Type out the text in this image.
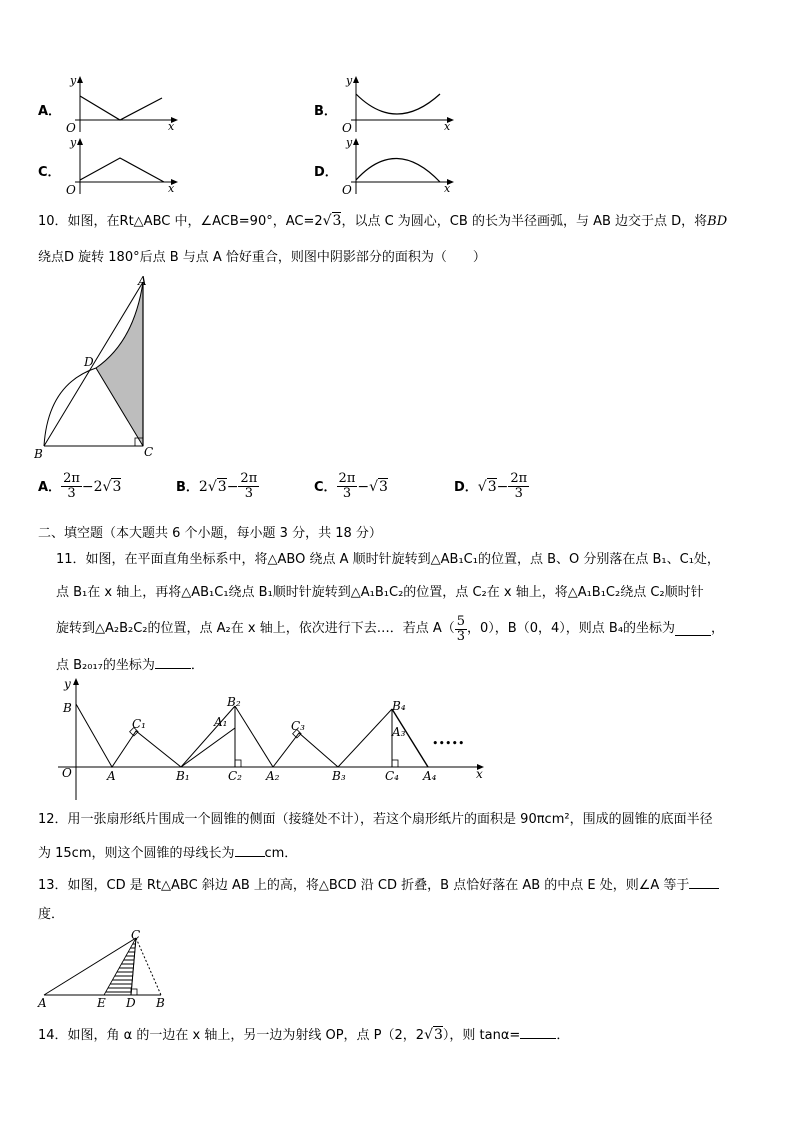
A．
y
x
O
B．
y
x
O
C．
y
x
O
D．
y
x
O
10．如图，在Rt△ABC 中，∠ACB=90°，AC=2√3，以点 C 为圆心，CB 的长为半径画弧，与 AB 边交于点 D，将BD
绕点D 旋转 180°后点 B 与点 A 恰好重合，则图中阴影部分的面积为（　　）
A
B	C
D
A． $\frac{2\pi}{3} -2√3$	B．$2√3- \frac{2\pi}{3}$	C． $\frac{2\pi}{3} -√3$	D．$√3- \frac{2\pi}{3}$
二、填空题（本大题共 6 个小题，每小题 3 分，共 18 分）
11．如图，在平面直角坐标系中，将△ABO 绕点 A 顺时针旋转到△AB₁C₁的位置，点 B、O 分别落在点 B₁、C₁处，
点 B₁在 x 轴上，再将△AB₁C₁绕点 B₁顺时针旋转到△A₁B₁C₂的位置，点 C₂在 x 轴上，将△A₁B₁C₂绕点 C₂顺时针
旋转到△A₂B₂C₂的位置，点 A₂在 x 轴上，依次进行下去…．若点 $A( \frac{5}{3}$ ，0），B（0，4），则点 B₄的坐标为	，
点 B₂₀₁₇的坐标为	．
y
x
O
B
A
C₁
B₁
A₁
B₂
C₂ A₂
C₃
B₃
B₄
A₃
C₄ A₄
•••••
12．用一张扇形纸片围成一个圆锥的侧面（接缝处不计），若这个扇形纸片的面积是 90πcm²，围成的圆锥的底面半径
为 15cm，则这个圆锥的母线长为 cm．
13．如图，CD 是 Rt△ABC 斜边 AB 上的高，将△BCD 沿 CD 折叠，B 点恰好落在 AB 的中点 E 处，则∠A 等于
度．
C
A	E D B
14．如图，角 α 的一边在 x 轴上，另一边为射线 OP，点 P（2，2√3），则 tanα=	．
